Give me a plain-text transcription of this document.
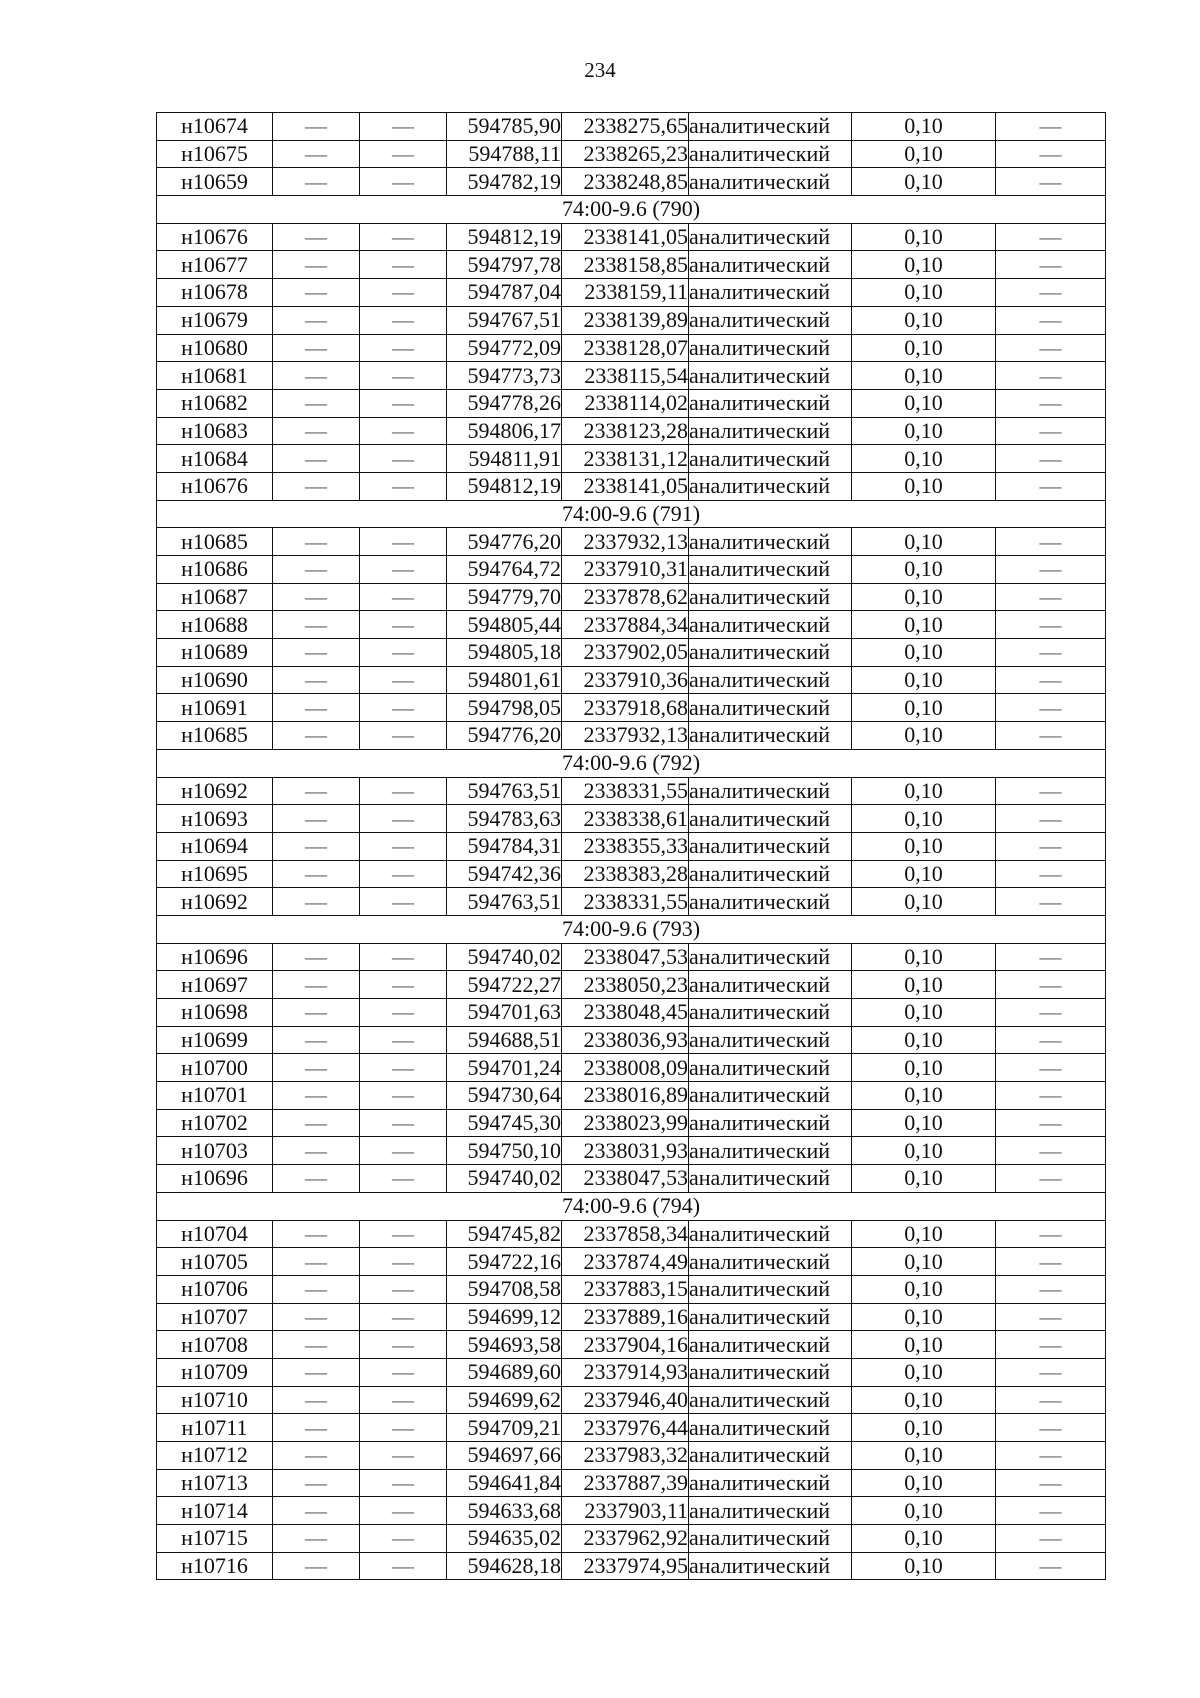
234
н10674	—	—	594785,90	2338275,65	аналитический	0,10	—
н10675	—	—	594788,11	2338265,23	аналитический	0,10	—
н10659	—	—	594782,19	2338248,85	аналитический	0,10	—
74:00-9.6 (790)							
н10676	—	—	594812,19	2338141,05	аналитический	0,10	—
н10677	—	—	594797,78	2338158,85	аналитический	0,10	—
н10678	—	—	594787,04	2338159,11	аналитический	0,10	—
н10679	—	—	594767,51	2338139,89	аналитический	0,10	—
н10680	—	—	594772,09	2338128,07	аналитический	0,10	—
н10681	—	—	594773,73	2338115,54	аналитический	0,10	—
н10682	—	—	594778,26	2338114,02	аналитический	0,10	—
н10683	—	—	594806,17	2338123,28	аналитический	0,10	—
н10684	—	—	594811,91	2338131,12	аналитический	0,10	—
н10676	—	—	594812,19	2338141,05	аналитический	0,10	—
74:00-9.6 (791)							
н10685	—	—	594776,20	2337932,13	аналитический	0,10	—
н10686	—	—	594764,72	2337910,31	аналитический	0,10	—
н10687	—	—	594779,70	2337878,62	аналитический	0,10	—
н10688	—	—	594805,44	2337884,34	аналитический	0,10	—
н10689	—	—	594805,18	2337902,05	аналитический	0,10	—
н10690	—	—	594801,61	2337910,36	аналитический	0,10	—
н10691	—	—	594798,05	2337918,68	аналитический	0,10	—
н10685	—	—	594776,20	2337932,13	аналитический	0,10	—
74:00-9.6 (792)							
н10692	—	—	594763,51	2338331,55	аналитический	0,10	—
н10693	—	—	594783,63	2338338,61	аналитический	0,10	—
н10694	—	—	594784,31	2338355,33	аналитический	0,10	—
н10695	—	—	594742,36	2338383,28	аналитический	0,10	—
н10692	—	—	594763,51	2338331,55	аналитический	0,10	—
74:00-9.6 (793)							
н10696	—	—	594740,02	2338047,53	аналитический	0,10	—
н10697	—	—	594722,27	2338050,23	аналитический	0,10	—
н10698	—	—	594701,63	2338048,45	аналитический	0,10	—
н10699	—	—	594688,51	2338036,93	аналитический	0,10	—
н10700	—	—	594701,24	2338008,09	аналитический	0,10	—
н10701	—	—	594730,64	2338016,89	аналитический	0,10	—
н10702	—	—	594745,30	2338023,99	аналитический	0,10	—
н10703	—	—	594750,10	2338031,93	аналитический	0,10	—
н10696	—	—	594740,02	2338047,53	аналитический	0,10	—
74:00-9.6 (794)							
н10704	—	—	594745,82	2337858,34	аналитический	0,10	—
н10705	—	—	594722,16	2337874,49	аналитический	0,10	—
н10706	—	—	594708,58	2337883,15	аналитический	0,10	—
н10707	—	—	594699,12	2337889,16	аналитический	0,10	—
н10708	—	—	594693,58	2337904,16	аналитический	0,10	—
н10709	—	—	594689,60	2337914,93	аналитический	0,10	—
н10710	—	—	594699,62	2337946,40	аналитический	0,10	—
н10711	—	—	594709,21	2337976,44	аналитический	0,10	—
н10712	—	—	594697,66	2337983,32	аналитический	0,10	—
н10713	—	—	594641,84	2337887,39	аналитический	0,10	—
н10714	—	—	594633,68	2337903,11	аналитический	0,10	—
н10715	—	—	594635,02	2337962,92	аналитический	0,10	—
н10716	—	—	594628,18	2337974,95	аналитический	0,10	—
